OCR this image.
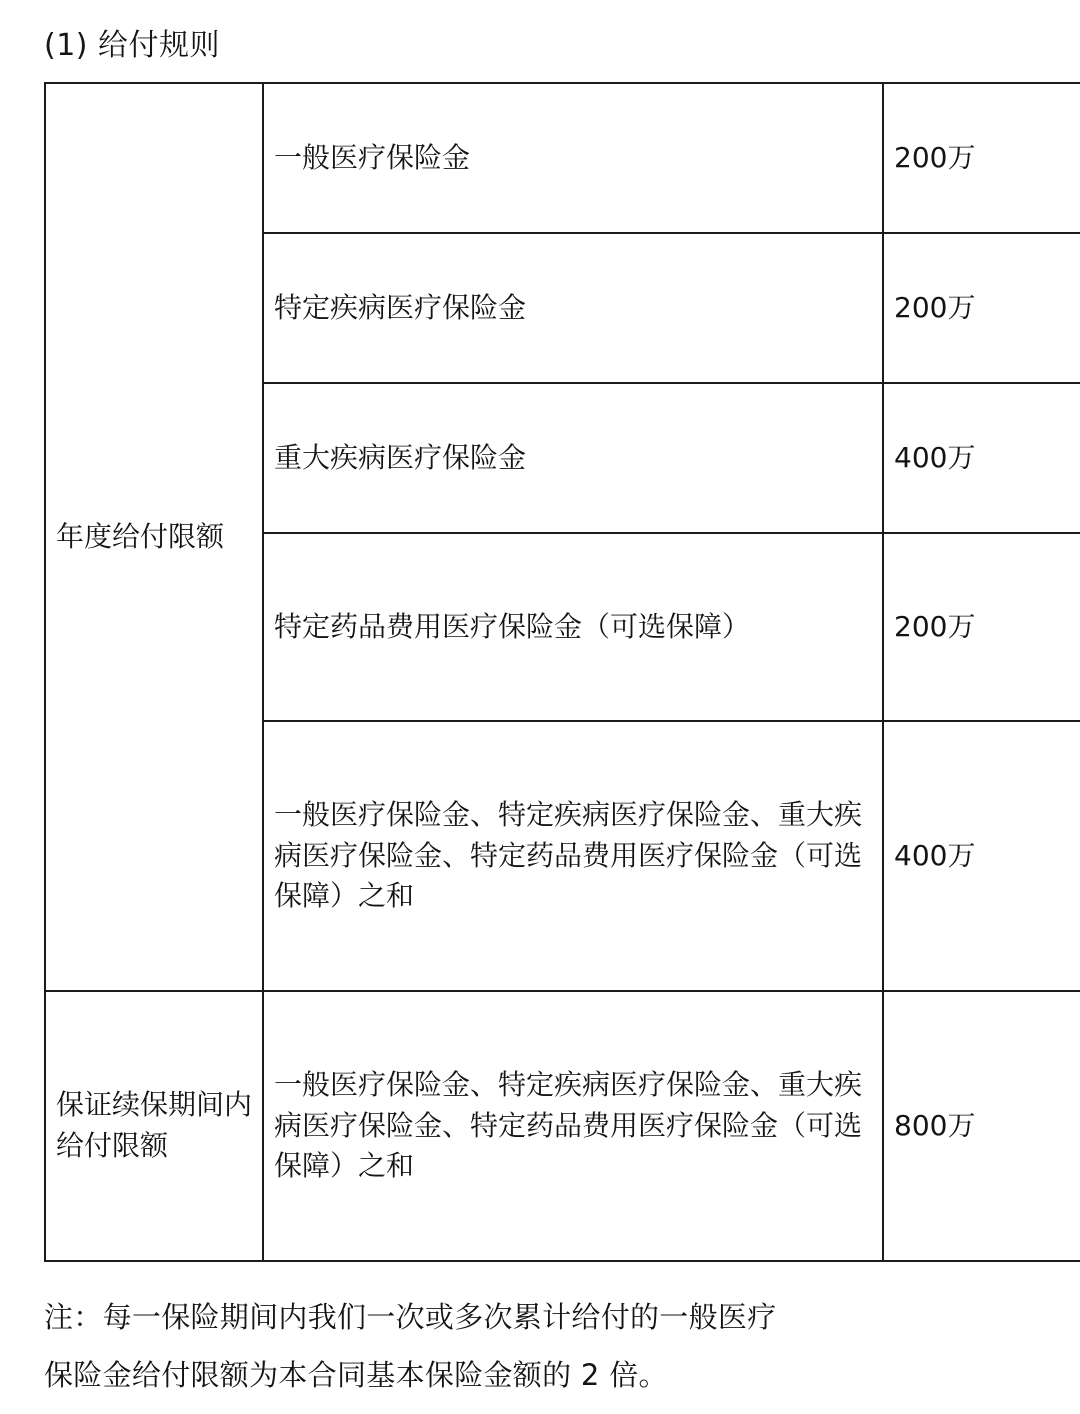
(1) 给付规则
年度给付限额	一般医疗保险金	200万
	特定疾病医疗保险金	200万
	重大疾病医疗保险金	400万
	特定药品费用医疗保险金（可选保障）	200万
	一般医疗保险金、特定疾病医疗保险金、重大疾病医疗保险金、特定药品费用医疗保险金（可选保障）之和	400万
保证续保期间内给付限额	一般医疗保险金、特定疾病医疗保险金、重大疾病医疗保险金、特定药品费用医疗保险金（可选保障）之和	800万

注：每一保险期间内我们一次或多次累计给付的一般医疗

保险金给付限额为本合同基本保险金额的 2 倍。
